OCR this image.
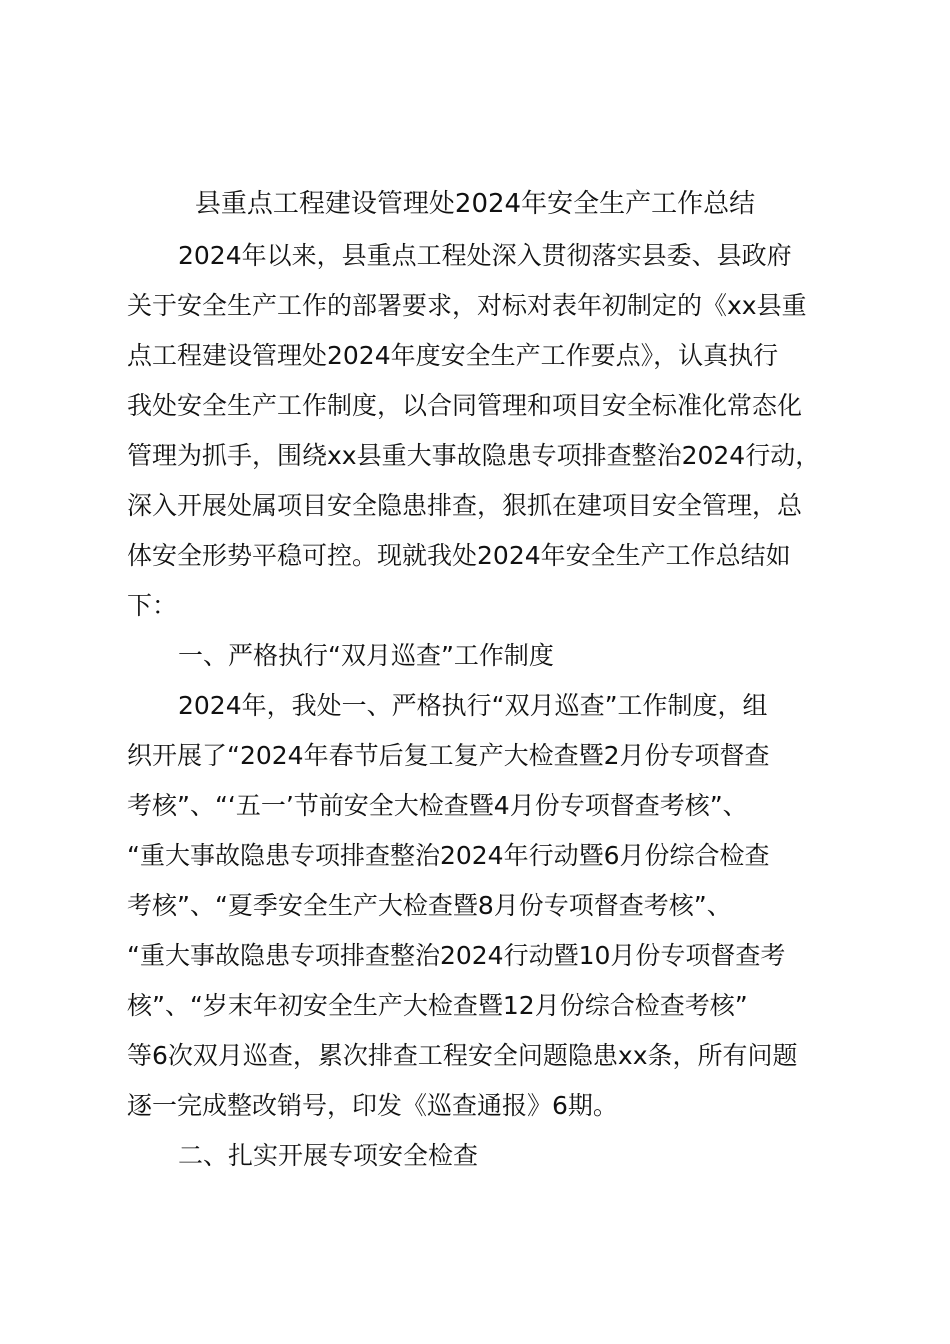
县重点工程建设管理处2024年安全生产工作总结
2024年以来，县重点工程处深入贯彻落实县委、县政府
关于安全生产工作的部署要求，对标对表年初制定的《xx县重
点工程建设管理处2024年度安全生产工作要点》，认真执行
我处安全生产工作制度，以合同管理和项目安全标准化常态化
管理为抓手，围绕xx县重大事故隐患专项排查整治2024行动，
深入开展处属项目安全隐患排查，狠抓在建项目安全管理，总
体安全形势平稳可控。现就我处2024年安全生产工作总结如
下：
一、严格执行“双月巡查”工作制度
2024年，我处一、严格执行“双月巡查”工作制度，组
织开展了“2024年春节后复工复产大检查暨2月份专项督查
考核”、“‘五一’节前安全大检查暨4月份专项督查考核”、
“重大事故隐患专项排查整治2024年行动暨6月份综合检查
考核”、“夏季安全生产大检查暨8月份专项督查考核”、
“重大事故隐患专项排查整治2024行动暨10月份专项督查考
核”、“岁末年初安全生产大检查暨12月份综合检查考核”
等6次双月巡查，累次排查工程安全问题隐患xx条，所有问题
逐一完成整改销号，印发《巡查通报》6期。
二、扎实开展专项安全检查
